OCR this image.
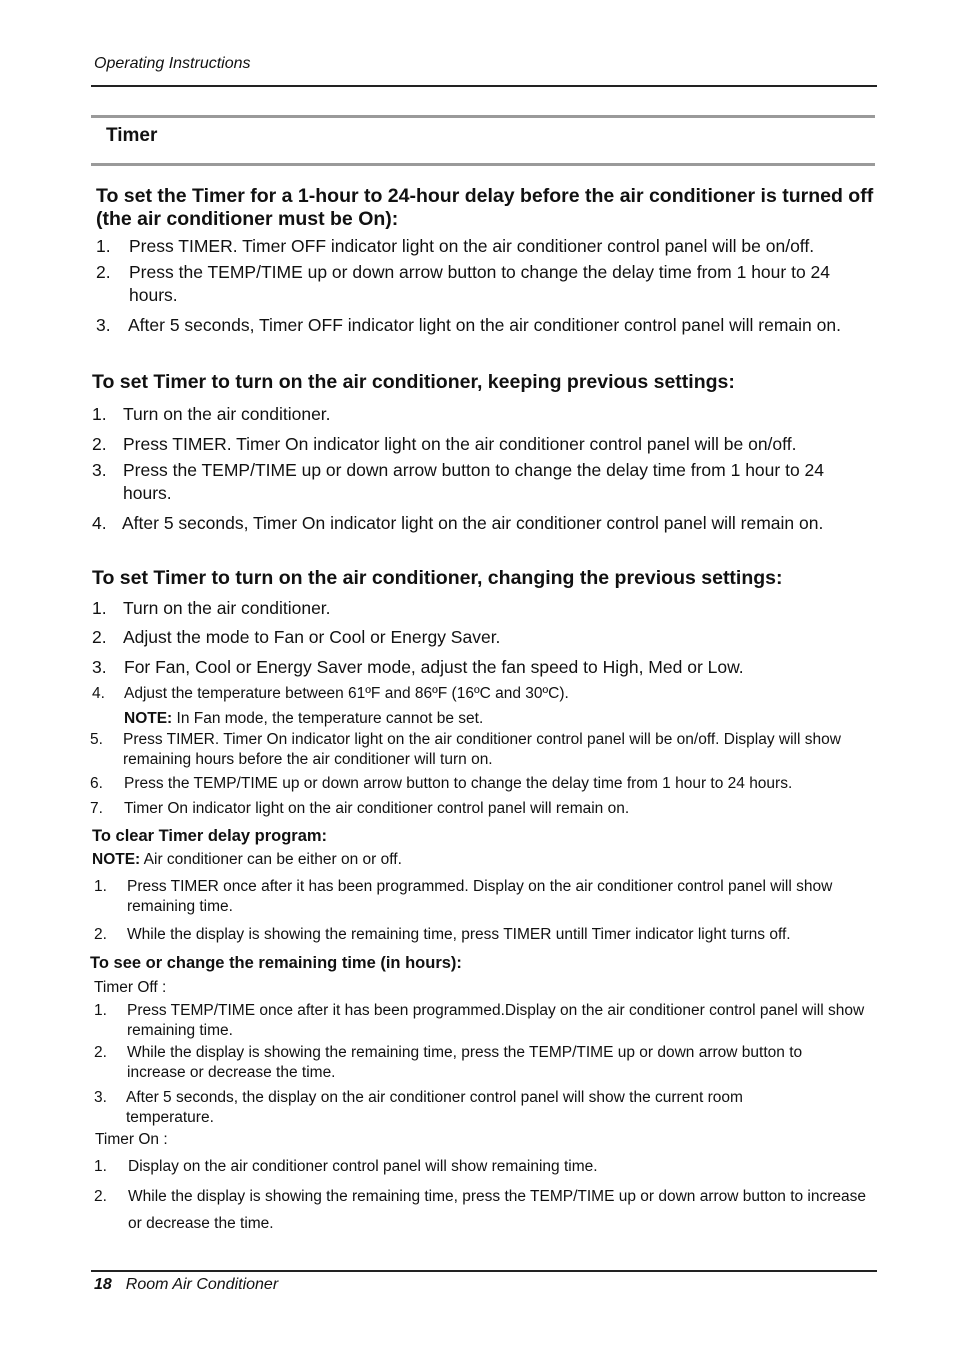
Operating Instructions
Timer
To set the Timer for a 1-hour to 24-hour delay before the air conditioner is turned off (the air conditioner must be On):
1. Press TIMER. Timer OFF indicator light on the air conditioner control panel will be on/off.
2. Press the TEMP/TIME up or down arrow button to change the delay time from 1 hour to 24 hours.
3. After 5 seconds, Timer OFF indicator light on the air conditioner control panel will remain on.
To set Timer to turn on the air conditioner, keeping previous settings:
1. Turn on the air conditioner.
2. Press TIMER. Timer On indicator light on the air conditioner control panel will be on/off.
3. Press the TEMP/TIME up or down arrow button to change the delay time from 1 hour to 24 hours.
4. After 5 seconds, Timer On indicator light on the air conditioner control panel will remain on.
To set Timer to turn on the air conditioner, changing the previous settings:
1. Turn on the air conditioner.
2. Adjust the mode to Fan or Cool or Energy Saver.
3. For Fan, Cool or Energy Saver mode, adjust the fan speed to High, Med or Low.
4. Adjust the temperature between 61ºF and 86ºF (16ºC and 30ºC).
NOTE: In Fan mode, the temperature cannot be set.
5. Press TIMER. Timer On indicator light on the air conditioner control panel will be on/off. Display will show remaining hours before the air conditioner will turn on.
6. Press the TEMP/TIME up or down arrow button to change the delay time from 1 hour to 24 hours.
7. Timer On indicator light on the air conditioner control panel will remain on.
To clear Timer delay program:
NOTE: Air conditioner can be either on or off.
1. Press TIMER once after it has been programmed. Display on the air conditioner control panel will show remaining time.
2. While the display is showing the remaining time, press TIMER untill Timer indicator light turns off.
To see or change the remaining time (in hours):
Timer Off :
1. Press TEMP/TIME once after it has been programmed.Display on the air conditioner control panel will show remaining time.
2. While the display is showing the remaining time, press the TEMP/TIME up or down arrow button to increase or decrease the time.
3. After 5 seconds, the display on the air conditioner control panel will show the current room temperature.
Timer On :
1. Display on the air conditioner control panel will show remaining time.
2. While the display is showing the remaining time, press the TEMP/TIME up or down arrow button to increase or decrease the time.
18 Room Air Conditioner
